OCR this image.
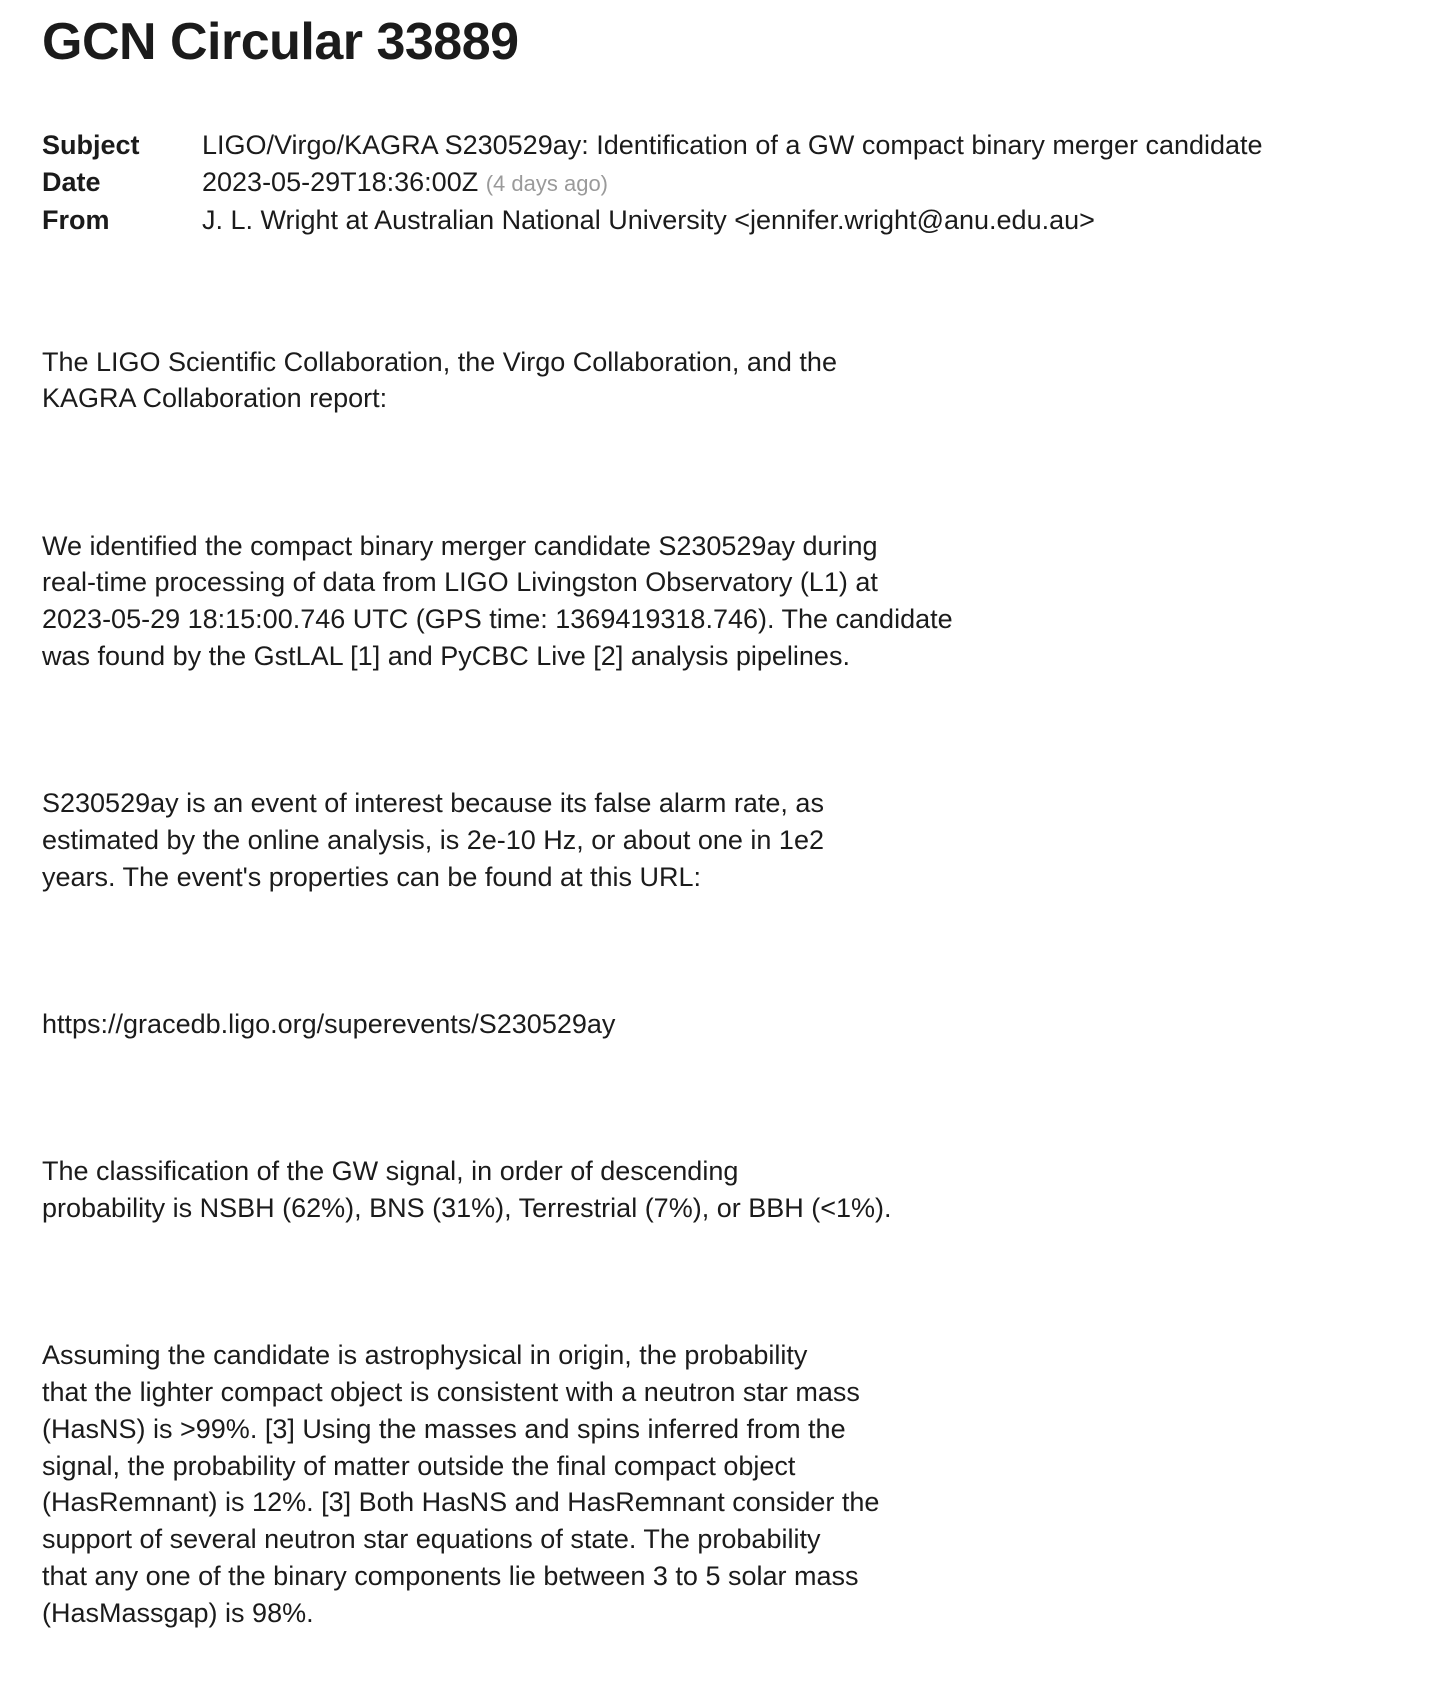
GCN Circular 33889
Subject	LIGO/Virgo/KAGRA S230529ay: Identification of a GW compact binary merger candidate
Date	2023-05-29T18:36:00Z (4 days ago)
From	J. L. Wright at Australian National University <jennifer.wright@anu.edu.au>

The LIGO Scientific Collaboration, the Virgo Collaboration, and the
KAGRA Collaboration report:

We identified the compact binary merger candidate S230529ay during
real-time processing of data from LIGO Livingston Observatory (L1) at
2023-05-29 18:15:00.746 UTC (GPS time: 1369419318.746). The candidate
was found by the GstLAL [1] and PyCBC Live [2] analysis pipelines.

S230529ay is an event of interest because its false alarm rate, as
estimated by the online analysis, is 2e-10 Hz, or about one in 1e2
years. The event's properties can be found at this URL:

https://gracedb.ligo.org/superevents/S230529ay

The classification of the GW signal, in order of descending
probability is NSBH (62%), BNS (31%), Terrestrial (7%), or BBH (<1%).

Assuming the candidate is astrophysical in origin, the probability
that the lighter compact object is consistent with a neutron star mass
(HasNS) is >99%. [3] Using the masses and spins inferred from the
signal, the probability of matter outside the final compact object
(HasRemnant) is 12%. [3] Both HasNS and HasRemnant consider the
support of several neutron star equations of state. The probability
that any one of the binary components lie between 3 to 5 solar mass
(HasMassgap) is 98%.
